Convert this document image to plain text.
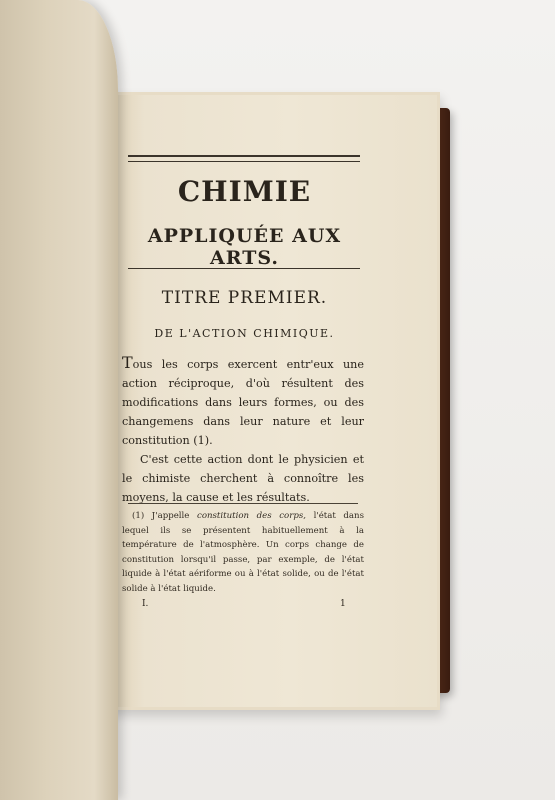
CHIMIE
APPLIQUÉE AUX ARTS.
TITRE PREMIER.
DE L'ACTION CHIMIQUE.

Tous les corps exercent entr'eux une action réciproque, d'où résultent des modifications dans leurs formes, ou des changemens dans leur nature et leur constitution (1).

C'est cette action dont le physicien et le chimiste cherchent à connoître les moyens, la cause et les résultats.

(1) J'appelle constitution des corps, l'état dans lequel ils se présentent habituellement à la température de l'atmosphère. Un corps change de constitution lorsqu'il passe, par exemple, de l'état liquide à l'état aériforme ou à l'état solide, ou de l'état solide à l'état liquide.

I.	1
